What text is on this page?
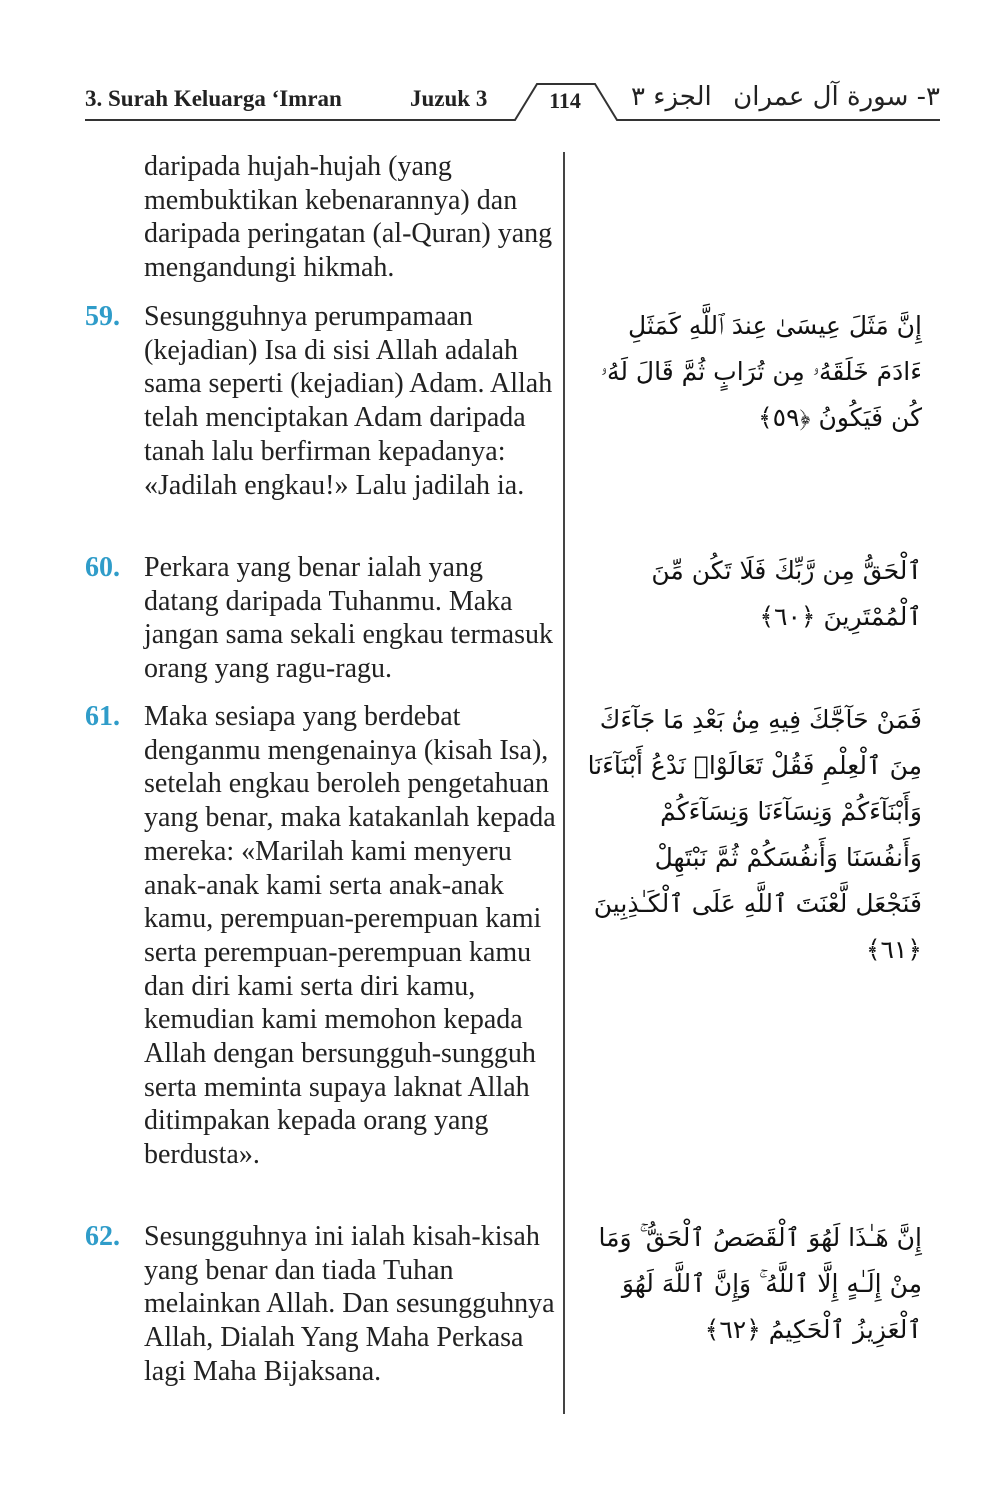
3. Surah Keluarga ‘Imran	Juzuk 3	114	الجزء ٣ ٣- سورة آل عمران

daripada hujah-hujah (yang membuktikan kebenarannya) dan daripada peringatan (al-Quran) yang mengandungi hikmah.

59. Sesungguhnya perumpamaan (kejadian) Isa di sisi Allah adalah sama seperti (kejadian) Adam. Allah telah menciptakan Adam daripada tanah lalu berfirman kepadanya: «Jadilah engkau!» Lalu jadilah ia.

إِنَّ مَثَلَ عِيسَىٰ عِندَ ٱللَّهِ كَمَثَلِ ءَادَمَ خَلَقَهُۥ مِن تُرَابٍ ثُمَّ قَالَ لَهُۥ كُن فَيَكُونُ ﴿٥٩﴾
60. Perkara yang benar ialah yang datang daripada Tuhanmu. Maka jangan sama sekali engkau termasuk orang yang ragu-ragu.

ٱلْحَقُّ مِن رَّبِّكَ فَلَا تَكُن مِّنَ ٱلْمُمْتَرِينَ ﴿٦٠﴾
61. Maka sesiapa yang berdebat denganmu mengenainya (kisah Isa), setelah engkau beroleh pengetahuan yang benar, maka katakanlah kepada mereka: «Marilah kami menyeru anak-anak kami serta anak-anak kamu, perempuan-perempuan kami serta perempuan-perempuan kamu dan diri kami serta diri kamu, kemudian kami memohon kepada Allah dengan bersungguh-sungguh serta meminta supaya laknat Allah ditimpakan kepada orang yang berdusta».

فَمَنْ حَآجَّكَ فِيهِ مِنۢ بَعْدِ مَا جَآءَكَ مِنَ ٱلْعِلْمِ فَقُلْ تَعَالَوْا۟ نَدْعُ أَبْنَآءَنَا وَأَبْنَآءَكُمْ وَنِسَآءَنَا وَنِسَآءَكُمْ وَأَنفُسَنَا وَأَنفُسَكُمْ ثُمَّ نَبْتَهِلْ فَنَجْعَل لَّعْنَتَ ٱللَّهِ عَلَى ٱلْكَـٰذِبِينَ ﴿٦١﴾
62. Sesungguhnya ini ialah kisah-kisah yang benar dan tiada Tuhan melainkan Allah. Dan sesungguhnya Allah, Dialah Yang Maha Perkasa lagi Maha Bijaksana.

إِنَّ هَـٰذَا لَهُوَ ٱلْقَصَصُ ٱلْحَقُّ ۚ وَمَا مِنْ إِلَـٰهٍ إِلَّا ٱللَّهُ ۚ وَإِنَّ ٱللَّهَ لَهُوَ ٱلْعَزِيزُ ٱلْحَكِيمُ ﴿٦٢﴾
